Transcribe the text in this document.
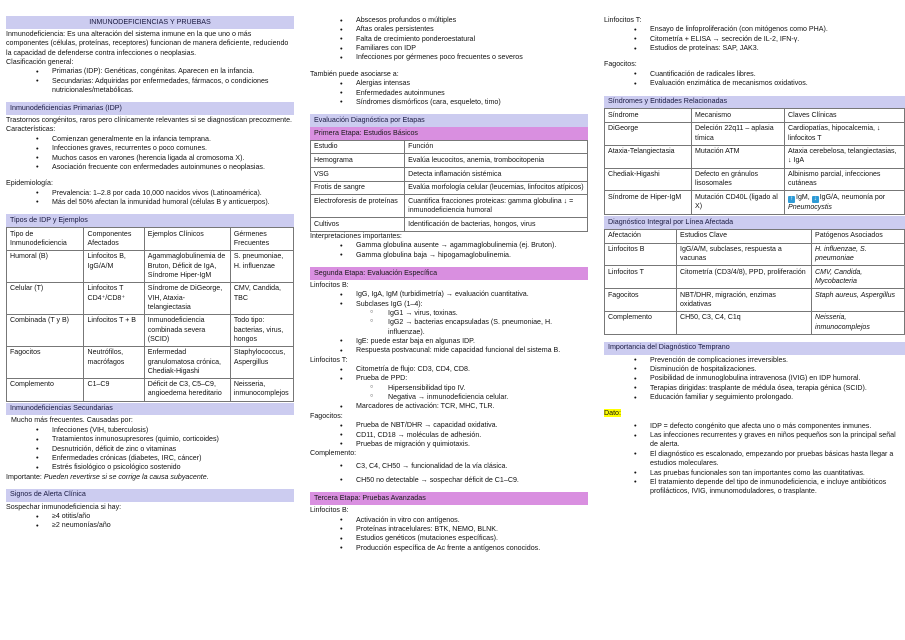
INMUNODEFICIENCIAS Y PRUEBAS

Inmunodeficiencia: Es una alteración del sistema inmune en la que uno o más componentes (células, proteínas, receptores) funcionan de manera deficiente, reduciendo la capacidad de defenderse contra infecciones o neoplasias.

Clasificación general:

• Primarias (IDP): Genéticas, congénitas. Aparecen en la infancia.
• Secundarias: Adquiridas por enfermedades, fármacos, o condiciones nutricionales/metabólicas.
Inmunodeficiencias Primarias (IDP)

Trastornos congénitos, raros pero clínicamente relevantes si se diagnostican precozmente.

Características:

• Comienzan generalmente en la infancia temprana.
• Infecciones graves, recurrentes o poco comunes.
• Muchos casos en varones (herencia ligada al cromosoma X).
• Asociación frecuente con enfermedades autoinmunes o neoplasias.

Epidemiología:

• Prevalencia: 1–2.8 por cada 10,000 nacidos vivos (Latinoamérica).
• Más del 50% afectan la inmunidad humoral (células B y anticuerpos).
Tipos de IDP y Ejemplos
Tipo de Inmunodeficiencia	Componentes Afectados	Ejemplos Clínicos	Gérmenes Frecuentes
Humoral (B)	Linfocitos B, IgG/A/M	Agammaglobulinemia de Bruton, Déficit de IgA, Síndrome Hiper-IgM	S. pneumoniae, H. influenzae
Celular (T)	Linfocitos T CD4⁺/CD8⁺	Síndrome de DiGeorge, VIH, Ataxia-telangiectasia	CMV, Candida, TBC
Combinada (T y B)	Linfocitos T + B	Inmunodeficiencia combinada severa (SCID)	Todo tipo: bacterias, virus, hongos
Fagocitos	Neutrófilos, macrófagos	Enfermedad granulomatosa crónica, Chediak-Higashi	Staphylococcus, Aspergillus
Complemento	C1–C9	Déficit de C3, C5–C9, angioedema hereditario	Neisseria, inmunocomplejos
Inmunodeficiencias Secundarias

Mucho más frecuentes. Causadas por:

• Infecciones (VIH, tuberculosis)
• Tratamientos inmunosupresores (quimio, corticoides)
• Desnutrición, déficit de zinc o vitaminas
• Enfermedades crónicas (diabetes, IRC, cáncer)
• Estrés fisiológico o psicológico sostenido

Importante: Pueden revertirse si se corrige la causa subyacente.

Signos de Alerta Clínica

Sospechar inmunodeficiencia si hay:

• ≥4 otitis/año
• ≥2 neumonías/año
• Abscesos profundos o múltiples
• Aftas orales persistentes
• Falta de crecimiento ponderoestatural
• Familiares con IDP
• Infecciones por gérmenes poco frecuentes o severos

También puede asociarse a:

• Alergias intensas
• Enfermedades autoinmunes
• Síndromes dismórficos (cara, esqueleto, timo)
Evaluación Diagnóstica por Etapas
Primera Etapa: Estudios Básicos
Estudio	Función
Hemograma	Evalúa leucocitos, anemia, trombocitopenia
VSG	Detecta inflamación sistémica
Frotis de sangre	Evalúa morfología celular (leucemias, linfocitos atípicos)
Electroforesis de proteínas	Cuantifica fracciones proteicas: gamma globulina ↓ = inmunodeficiencia humoral
Cultivos	Identificación de bacterias, hongos, virus

Interpretaciones importantes:

• Gamma globulina ausente → agammaglobulinemia (ej. Bruton).
• Gamma globulina baja → hipogamaglobulinemia.
Segunda Etapa: Evaluación Específica

Linfocitos B:

• IgG, IgA, IgM (turbidimetría) → evaluación cuantitativa.
• Subclases IgG (1–4):
○ IgG1 → virus, toxinas.
○ IgG2 → bacterias encapsuladas (S. pneumoniae, H. influenzae).
• IgE: puede estar baja en algunas IDP.
• Respuesta postvacunal: mide capacidad funcional del sistema B.

Linfocitos T:

• Citometría de flujo: CD3, CD4, CD8.
• Prueba de PPD:
○ Hipersensibilidad tipo IV.
○ Negativa → inmunodeficiencia celular.
• Marcadores de activación: TCR, MHC, TLR.

Fagocitos:

• Prueba de NBT/DHR → capacidad oxidativa.
• CD11, CD18 → moléculas de adhesión.
• Pruebas de migración y quimiotaxis.

Complemento:

• C3, C4, CH50 → funcionalidad de la vía clásica.
• CH50 no detectable → sospechar déficit de C1–C9.
Tercera Etapa: Pruebas Avanzadas

Linfocitos B:

• Activación in vitro con antígenos.
• Proteínas intracelulares: BTK, NEMO, BLNK.
• Estudios genéticos (mutaciones específicas).
• Producción específica de Ac frente a antígenos conocidos.

Linfocitos T:

• Ensayo de linfoproliferación (con mitógenos como PHA).
• Citometría + ELISA → secreción de IL-2, IFN-γ.
• Estudios de proteínas: SAP, JAK3.

Fagocitos:

• Cuantificación de radicales libres.
• Evaluación enzimática de mecanismos oxidativos.
Síndromes y Entidades Relacionadas
Síndrome	Mecanismo	Claves Clínicas
DiGeorge	Deleción 22q11 – aplasia tímica	Cardiopatías, hipocalcemia, ↓ linfocitos T
Ataxia-Telangiectasia	Mutación ATM	Ataxia cerebelosa, telangiectasias, ↓ IgA
Chediak-Higashi	Defecto en gránulos lisosomales	Albinismo parcial, infecciones cutáneas
Síndrome de Hiper-IgM	Mutación CD40L (ligado al X)	↑ IgM, ↓ IgG/A, neumonía por Pneumocystis
Diagnóstico Integral por Línea Afectada
Afectación	Estudios Clave	Patógenos Asociados
Linfocitos B	IgG/A/M, subclases, respuesta a vacunas	H. influenzae, S. pneumoniae
Linfocitos T	Citometría (CD3/4/8), PPD, proliferación	CMV, Candida, Mycobacteria
Fagocitos	NBT/DHR, migración, enzimas oxidativas	Staph aureus, Aspergillus
Complemento	CH50, C3, C4, C1q	Neisseria, inmunocomplejos
Importancia del Diagnóstico Temprano
• Prevención de complicaciones irreversibles.
• Disminución de hospitalizaciones.
• Posibilidad de inmunoglobulina intravenosa (IVIG) en IDP humoral.
• Terapias dirigidas: trasplante de médula ósea, terapia génica (SCID).
• Educación familiar y seguimiento prolongado.

Dato:

• IDP = defecto congénito que afecta uno o más componentes inmunes.
• Las infecciones recurrentes y graves en niños pequeños son la principal señal de alerta.
• El diagnóstico es escalonado, empezando por pruebas básicas hasta llegar a estudios moleculares.
• Las pruebas funcionales son tan importantes como las cuantitativas.
• El tratamiento depende del tipo de inmunodeficiencia, e incluye antibióticos profilácticos, IVIG, inmunomoduladores, o trasplante.
